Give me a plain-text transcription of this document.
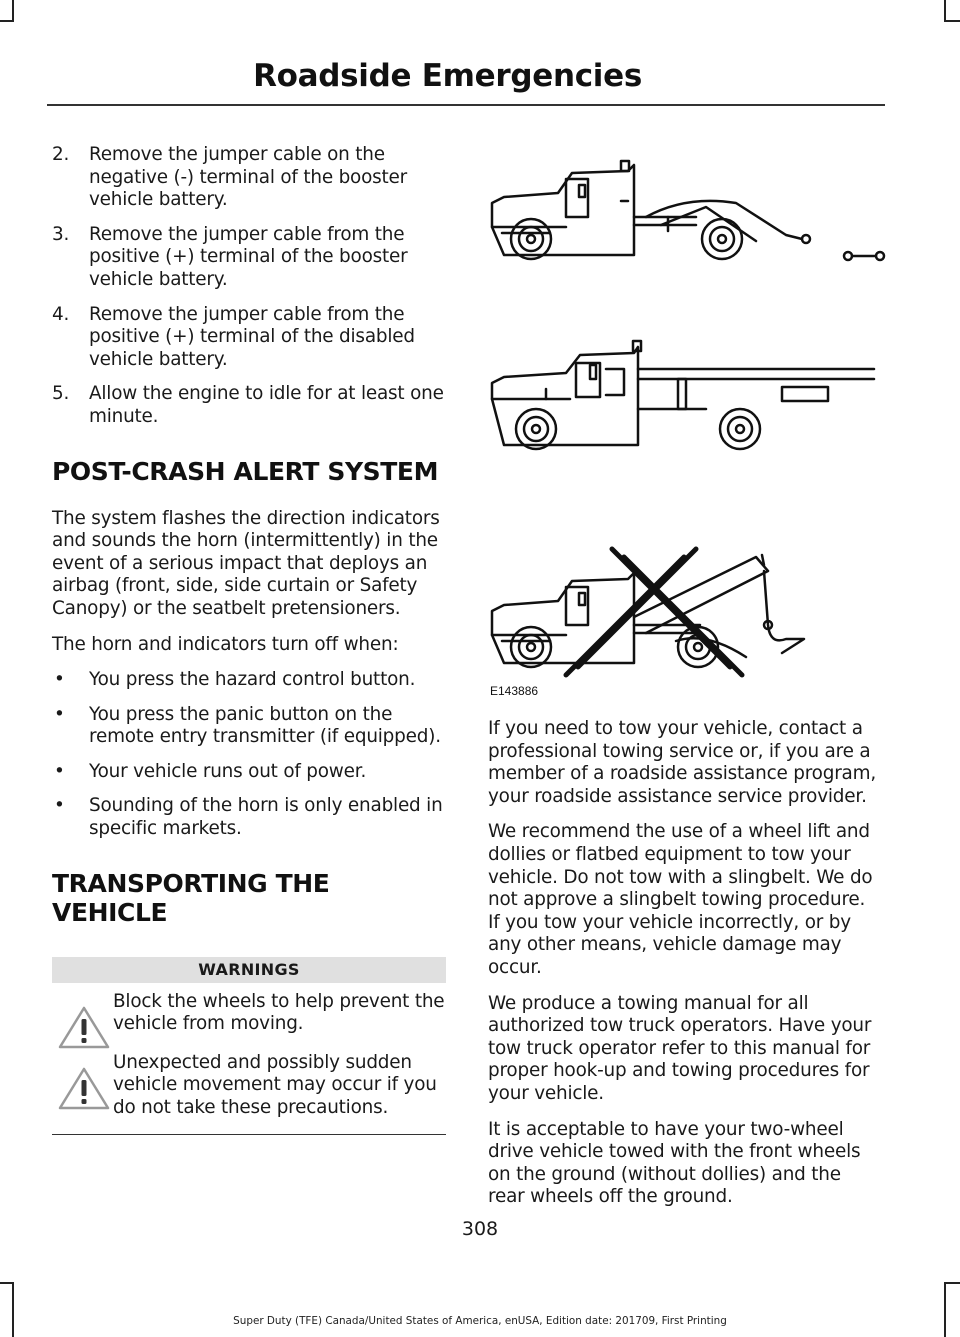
Roadside Emergencies
2. Remove the jumper cable on the negative (-) terminal of the booster vehicle battery.
3. Remove the jumper cable from the positive (+) terminal of the booster vehicle battery.
4. Remove the jumper cable from the positive (+) terminal of the disabled vehicle battery.
5. Allow the engine to idle for at least one minute.
POST-CRASH ALERT SYSTEM

The system flashes the direction indicators and sounds the horn (intermittently) in the event of a serious impact that deploys an airbag (front, side, side curtain or Safety Canopy) or the seatbelt pretensioners.

The horn and indicators turn off when:

• You press the hazard control button.
• You press the panic button on the remote entry transmitter (if equipped).
• Your vehicle runs out of power.
• Sounding of the horn is only enabled in specific markets.
TRANSPORTING THE VEHICLE
WARNINGS

Block the wheels to help prevent the vehicle from moving.

Unexpected and possibly sudden vehicle movement may occur if you do not take these precautions.

E143886

If you need to tow your vehicle, contact a professional towing service or, if you are a member of a roadside assistance program, your roadside assistance service provider.

We recommend the use of a wheel lift and dollies or flatbed equipment to tow your vehicle. Do not tow with a slingbelt. We do not approve a slingbelt towing procedure. If you tow your vehicle incorrectly, or by any other means, vehicle damage may occur.

We produce a towing manual for all authorized tow truck operators. Have your tow truck operator refer to this manual for proper hook-up and towing procedures for your vehicle.

It is acceptable to have your two-wheel drive vehicle towed with the front wheels on the ground (without dollies) and the rear wheels off the ground.

308
Super Duty (TFE) Canada/United States of America, enUSA, Edition date: 201709, First Printing
